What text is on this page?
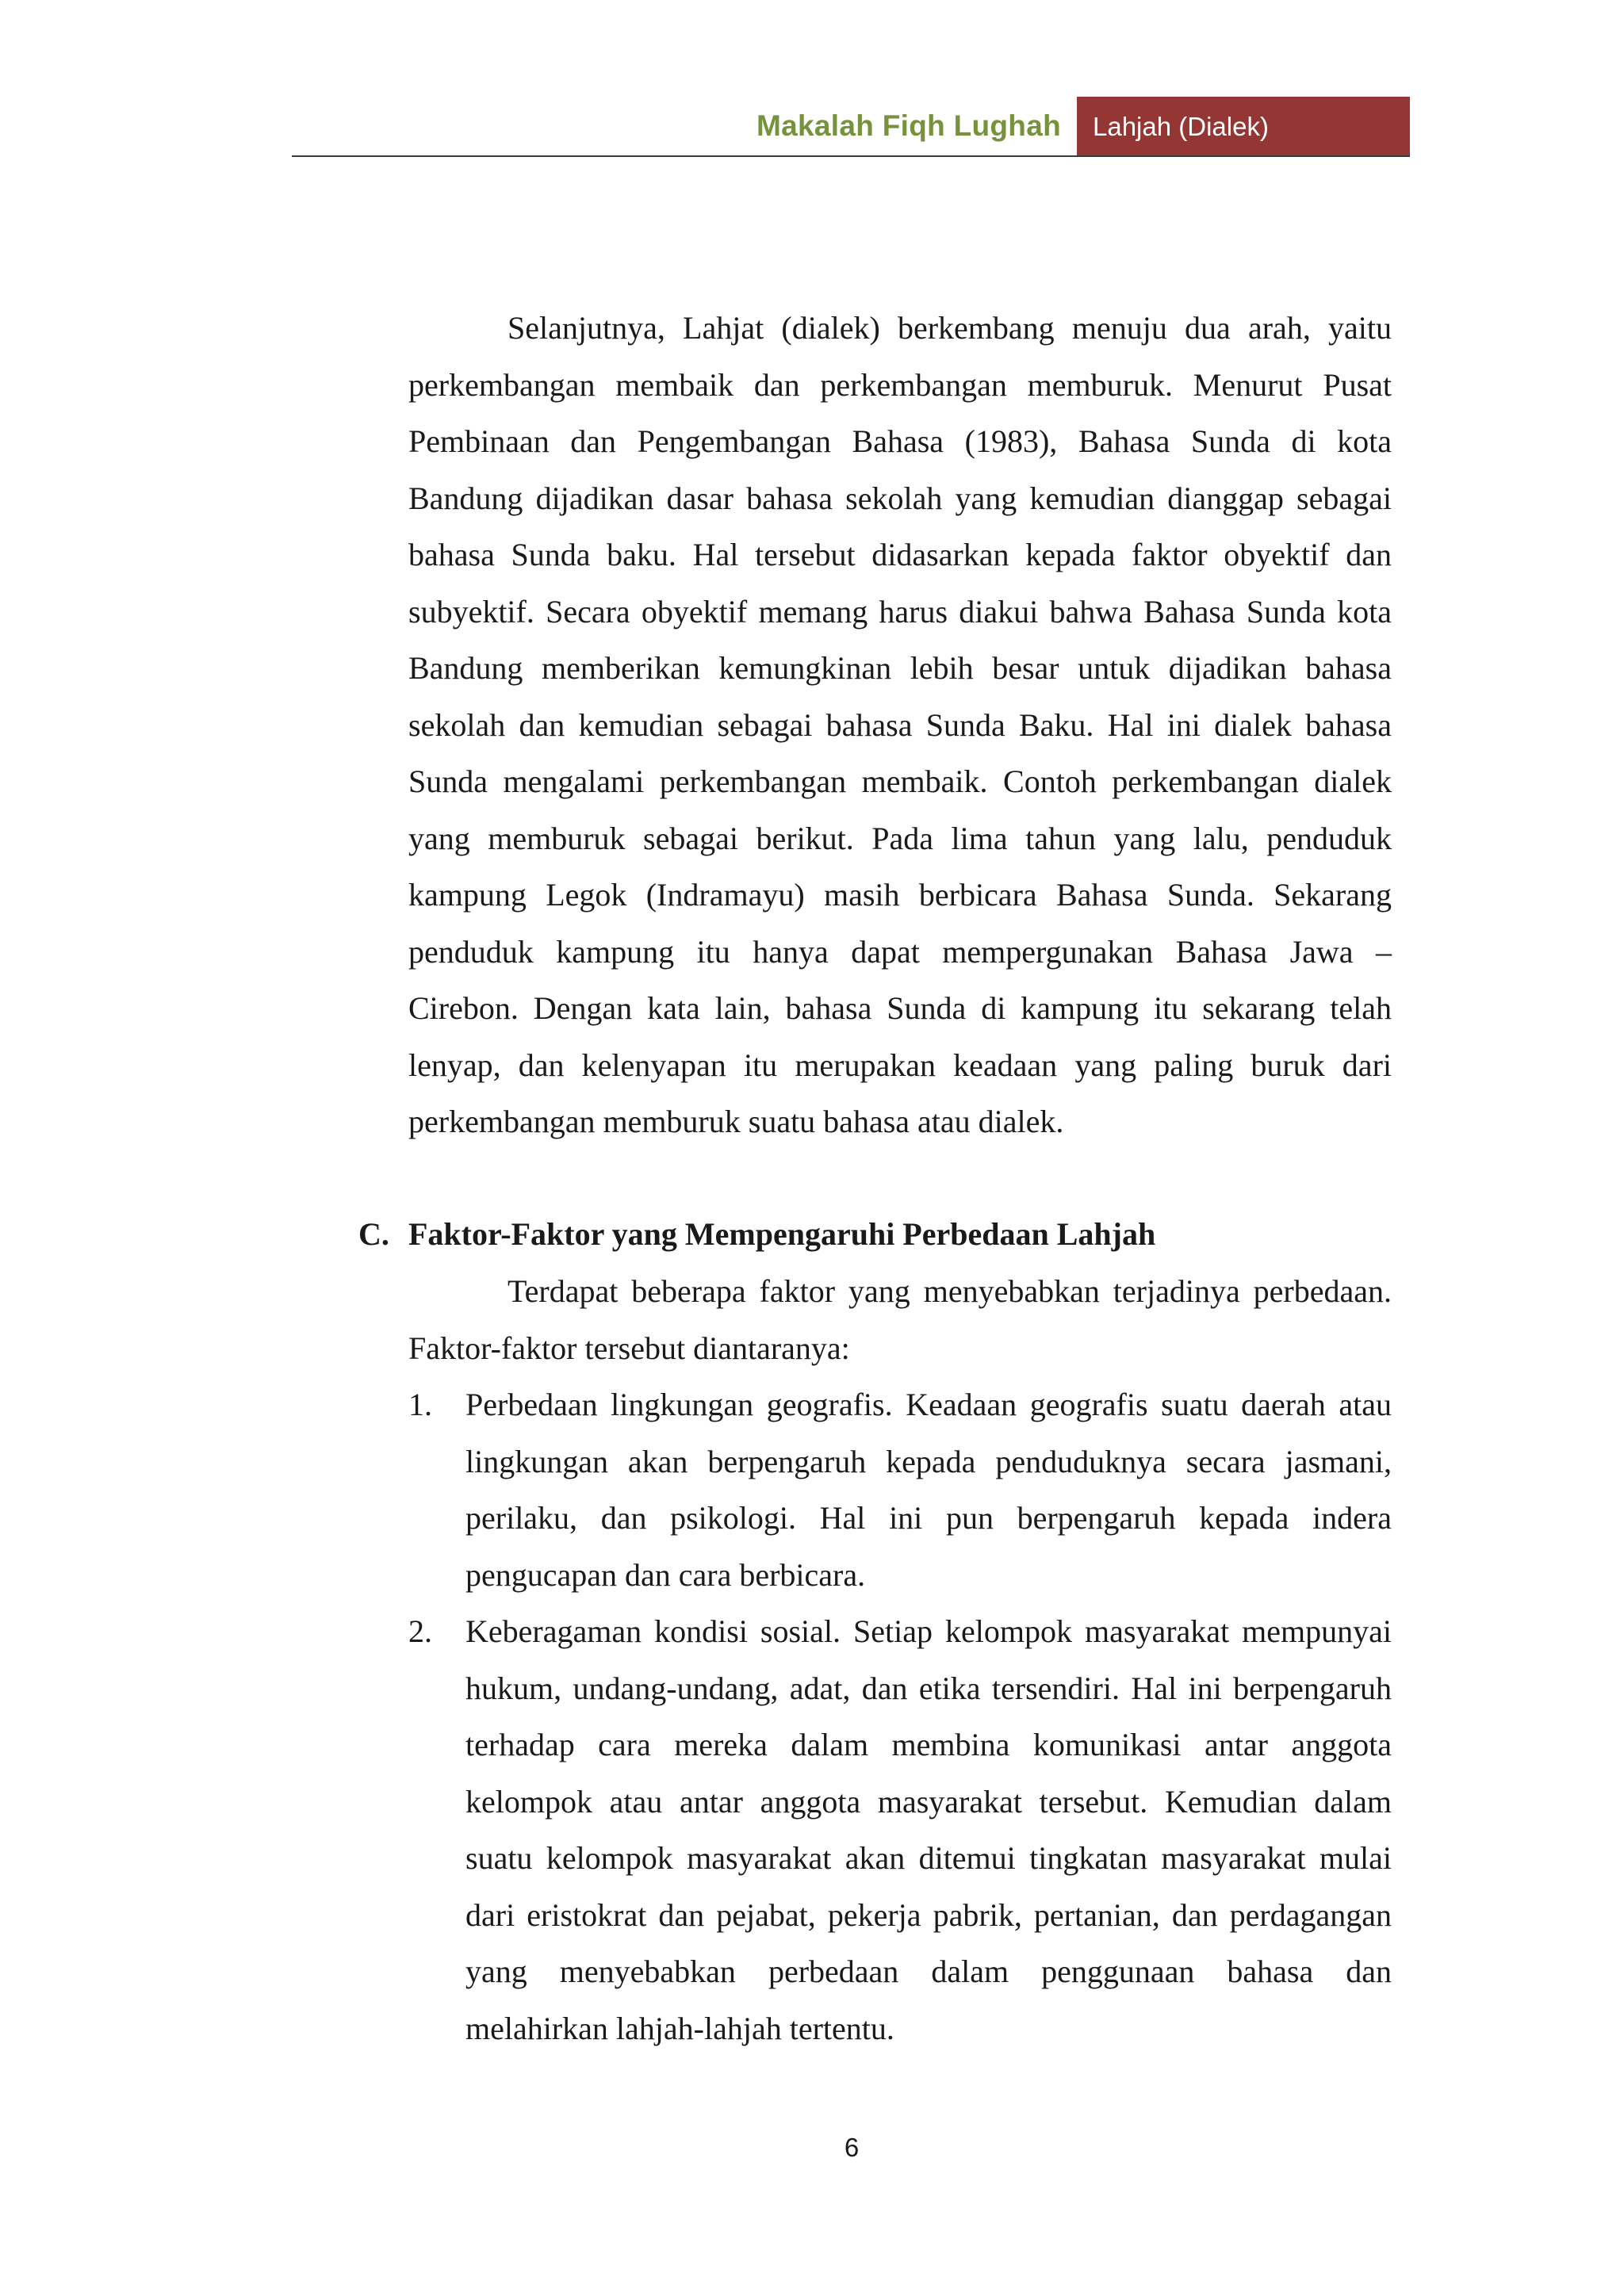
Makalah Fiqh Lughah	Lahjah (Dialek)

Selanjutnya, Lahjat (dialek) berkembang menuju dua arah, yaitu perkembangan membaik dan perkembangan memburuk. Menurut Pusat Pembinaan dan Pengembangan Bahasa (1983), Bahasa Sunda di kota Bandung dijadikan dasar bahasa sekolah yang kemudian dianggap sebagai bahasa Sunda baku. Hal tersebut didasarkan kepada faktor obyektif dan subyektif. Secara obyektif memang harus diakui bahwa Bahasa Sunda kota Bandung memberikan kemungkinan lebih besar untuk dijadikan bahasa sekolah dan kemudian sebagai bahasa Sunda Baku. Hal ini dialek bahasa Sunda mengalami perkembangan membaik. Contoh perkembangan dialek yang memburuk sebagai berikut. Pada lima tahun yang lalu, penduduk kampung Legok (Indramayu) masih berbicara Bahasa Sunda. Sekarang penduduk kampung itu hanya dapat mempergunakan Bahasa Jawa – Cirebon. Dengan kata lain, bahasa Sunda di kampung itu sekarang telah lenyap, dan kelenyapan itu merupakan keadaan yang paling buruk dari perkembangan memburuk suatu bahasa atau dialek.

C. Faktor-Faktor yang Mempengaruhi Perbedaan Lahjah

Terdapat beberapa faktor yang menyebabkan terjadinya perbedaan. Faktor-faktor tersebut diantaranya:

1. Perbedaan lingkungan geografis. Keadaan geografis suatu daerah atau lingkungan akan berpengaruh kepada penduduknya secara jasmani, perilaku, dan psikologi. Hal ini pun berpengaruh kepada indera pengucapan dan cara berbicara.
2. Keberagaman kondisi sosial. Setiap kelompok masyarakat mempunyai hukum, undang-undang, adat, dan etika tersendiri. Hal ini berpengaruh terhadap cara mereka dalam membina komunikasi antar anggota kelompok atau antar anggota masyarakat tersebut. Kemudian dalam suatu kelompok masyarakat akan ditemui tingkatan masyarakat mulai dari eristokrat dan pejabat, pekerja pabrik, pertanian, dan perdagangan yang menyebabkan perbedaan dalam penggunaan bahasa dan melahirkan lahjah-lahjah tertentu.
6
